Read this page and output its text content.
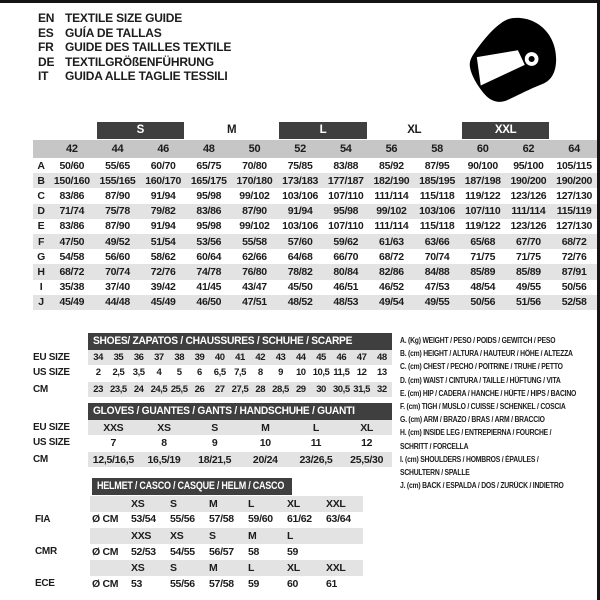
EN TEXTILE SIZE GUIDE
ES GUÍA DE TALLAS
FR GUIDE DES TAILLES TEXTILE
DE TEXTILGRÖßENFÜHRUNG
IT GUIDA ALLE TAGLIE TESSILI

		S		M		L		XL		XXL		

	42	44	46	48	50	52	54	56	58	60	62	64
A	50/60	55/65	60/70	65/75	70/80	75/85	83/88	85/92	87/95	90/100	95/100	105/115
B	150/160	155/165	160/170	165/175	170/180	173/183	177/187	182/190	185/195	187/198	190/200	190/200
C	83/86	87/90	91/94	95/98	99/102	103/106	107/110	111/114	115/118	119/122	123/126	127/130
D	71/74	75/78	79/82	83/86	87/90	91/94	95/98	99/102	103/106	107/110	111/114	115/119
E	83/86	87/90	91/94	95/98	99/102	103/106	107/110	111/114	115/118	119/122	123/126	127/130
F	47/50	49/52	51/54	53/56	55/58	57/60	59/62	61/63	63/66	65/68	67/70	68/72
G	54/58	56/60	58/62	60/64	62/66	64/68	66/70	68/72	70/74	71/75	71/75	72/76
H	68/72	70/74	72/76	74/78	76/80	78/82	80/84	82/86	84/88	85/89	85/89	87/91
I	35/38	37/40	39/42	41/45	43/47	45/50	46/51	46/52	47/53	48/54	49/55	50/56
J	45/49	44/48	45/49	46/50	47/51	48/52	48/53	49/54	49/55	50/56	51/56	52/58

	SHOES/ ZAPATOS / CHAUSSURES / SCHUHE / SCARPE														

EU SIZE	34	35	36	37	38	39	40	41	42	43	44	45	46	47	48
US SIZE	2	2,5	3,5	4	5	6	6,5	7,5	8	9	10	10,5	11,5	12	13
CM	23	23,5	24	24,5	25,5	26	27	27,5	28	28,5	29	30	30,5	31,5	32

	GLOVES / GUANTES / GANTS / HANDSCHUHE / GUANTI					

EU SIZE	XXS	XS	S	M	L	XL
US SIZE	7	8	9	10	11	12
CM	12,5/16,5	16,5/19	18/21,5	20/24	23/26,5	25,5/30

	HELMET / CASCO / CASQUE / HELM / CASCO						

		XS	S	M	L	XL	XXL
FIA	Ø CM	53/54	55/56	57/58	59/60	61/62	63/64
		XXS	XS	S	M	L	
CMR	Ø CM	52/53	54/55	56/57	58	59	
		XS	S	M	L	XL	XXL
ECE	Ø CM	53	55/56	57/58	59	60	61
A. (Kg) WEIGHT / PESO / POIDS / GEWITCH / PESO
B. (cm) HEIGHT / ALTURA / HAUTEUR / HÖHE / ALTEZZA
C. (cm) CHEST / PECHO / POITRINE / TRUHE / PETTO
D. (cm) WAIST / CINTURA / TAILLE / HÜFTUNG / VITA
E. (cm) HIP / CADERA / HANCHE / HÜFTE / HIPS / BACINO
F. (cm) TIGH / MUSLO / CUISSE / SCHENKEL / COSCIA
G. (cm) ARM / BRAZO / BRAS / ARM / BRACCIO
H. (cm) INSIDE LEG / ENTREPIERNA / FOURCHE /
SCHRITT / FORCELLA
I. (cm) SHOULDERS / HOMBROS / ÉPAULES /
SCHULTERN / SPALLE
J. (cm) BACK / ESPALDA / DOS / ZURÜCK / INDIETRO
